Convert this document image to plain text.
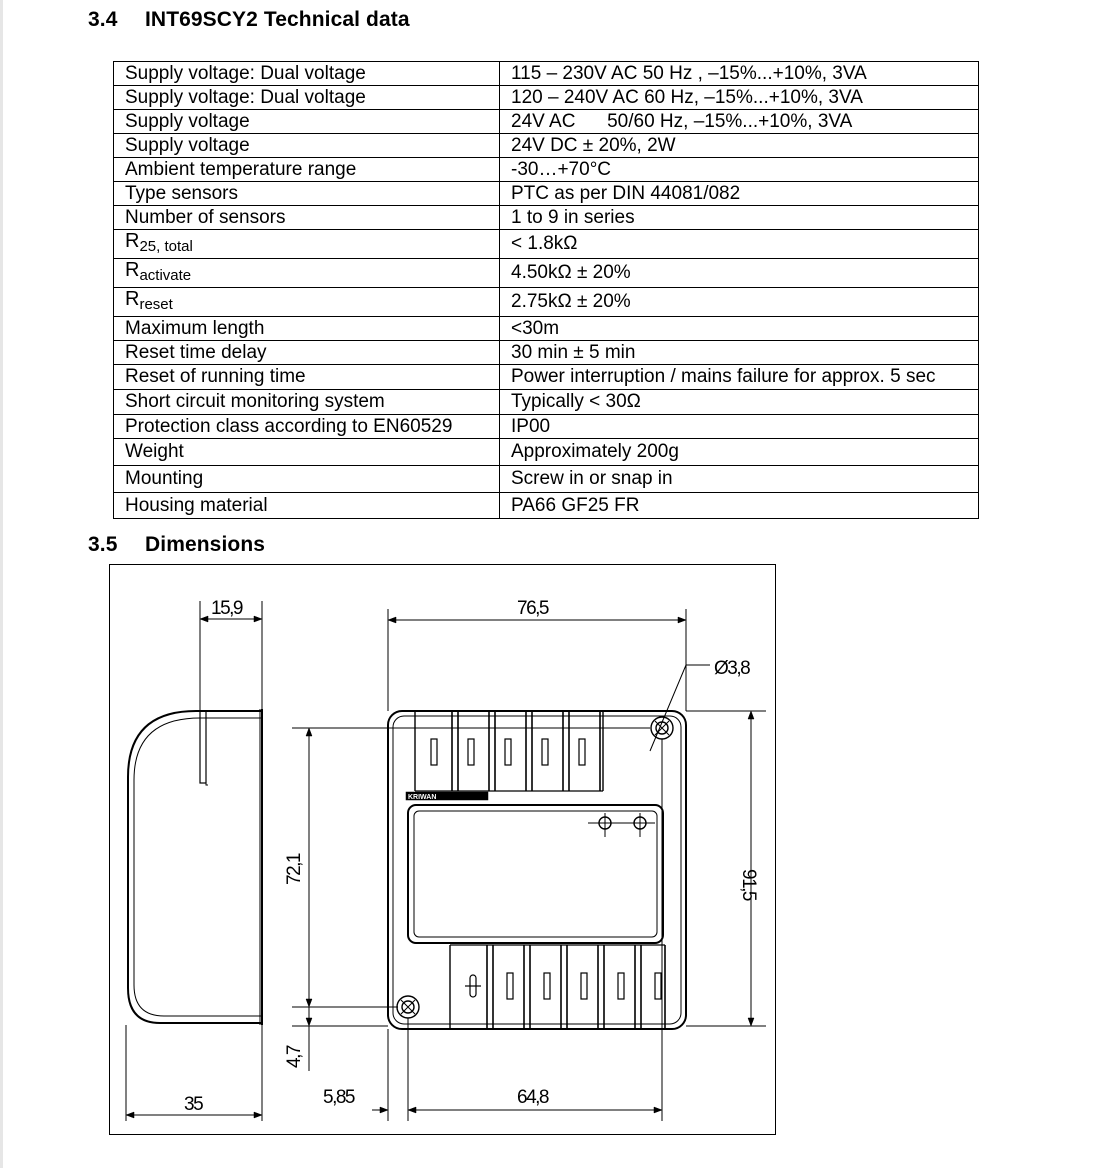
3.4 INT69SCY2 Technical data
Supply voltage: Dual voltage	115 – 230V AC 50 Hz , –15%...+10%, 3VA
Supply voltage: Dual voltage	120 – 240V AC 60 Hz, –15%...+10%, 3VA
Supply voltage	24V AC      50/60 Hz, –15%...+10%, 3VA
Supply voltage	24V DC ± 20%, 2W
Ambient temperature range	-30…+70°C
Type sensors	PTC as per DIN 44081/082
Number of sensors	1 to 9 in series
$R_{25, total}$	< 1.8kΩ
$R_{activate}$	4.50kΩ ± 20%
$R_{reset}$	2.75kΩ ± 20%
Maximum length	<30m
Reset time delay	30 min ± 5 min
Reset of running time	Power interruption / mains failure for approx. 5 sec
Short circuit monitoring system	Typically < 30Ω
Protection class according to EN60529	IP00
Weight	Approximately 200g
Mounting	Screw in or snap in
Housing material	PA66 GF25 FR
3.5 Dimensions
15,9
35
KRIWAN
76,5
Ø3,8
91,5
72,1
4,7
5,85	64,8
